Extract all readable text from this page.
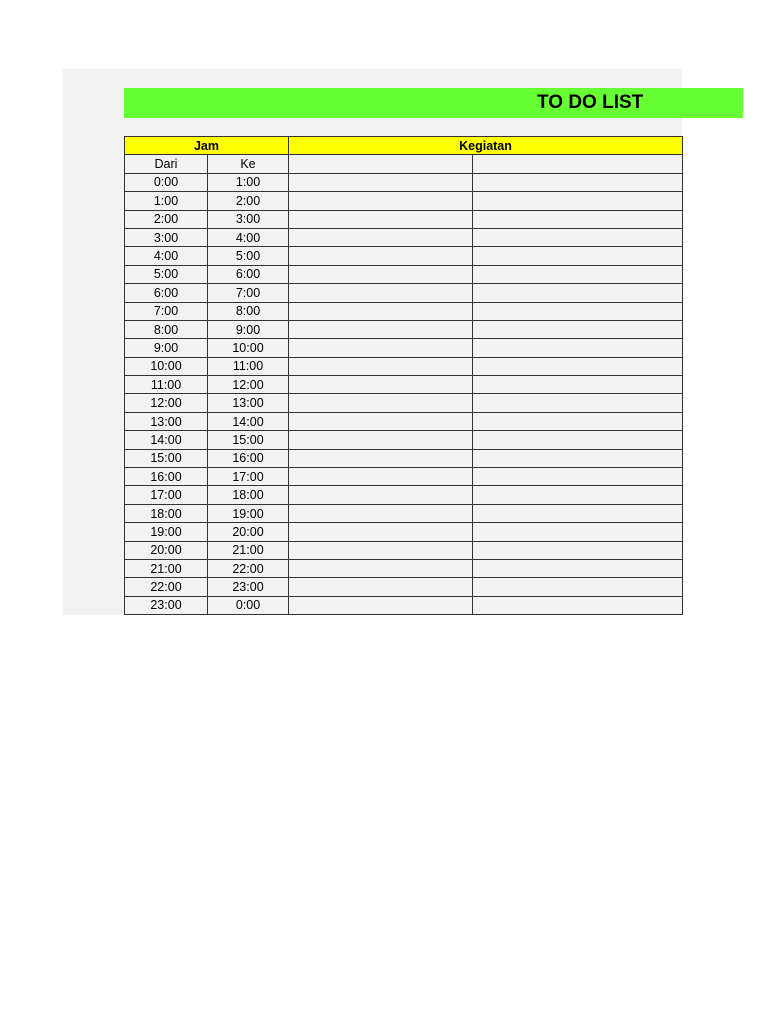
TO DO LIST
Jam		Kegiatan	
Dari	Ke		
0:00	1:00		
1:00	2:00		
2:00	3:00		
3:00	4:00		
4:00	5:00		
5:00	6:00		
6:00	7:00		
7:00	8:00		
8:00	9:00		
9:00	10:00		
10:00	11:00		
11:00	12:00		
12:00	13:00		
13:00	14:00		
14:00	15:00		
15:00	16:00		
16:00	17:00		
17:00	18:00		
18:00	19:00		
19:00	20:00		
20:00	21:00		
21:00	22:00		
22:00	23:00		
23:00	0:00		
